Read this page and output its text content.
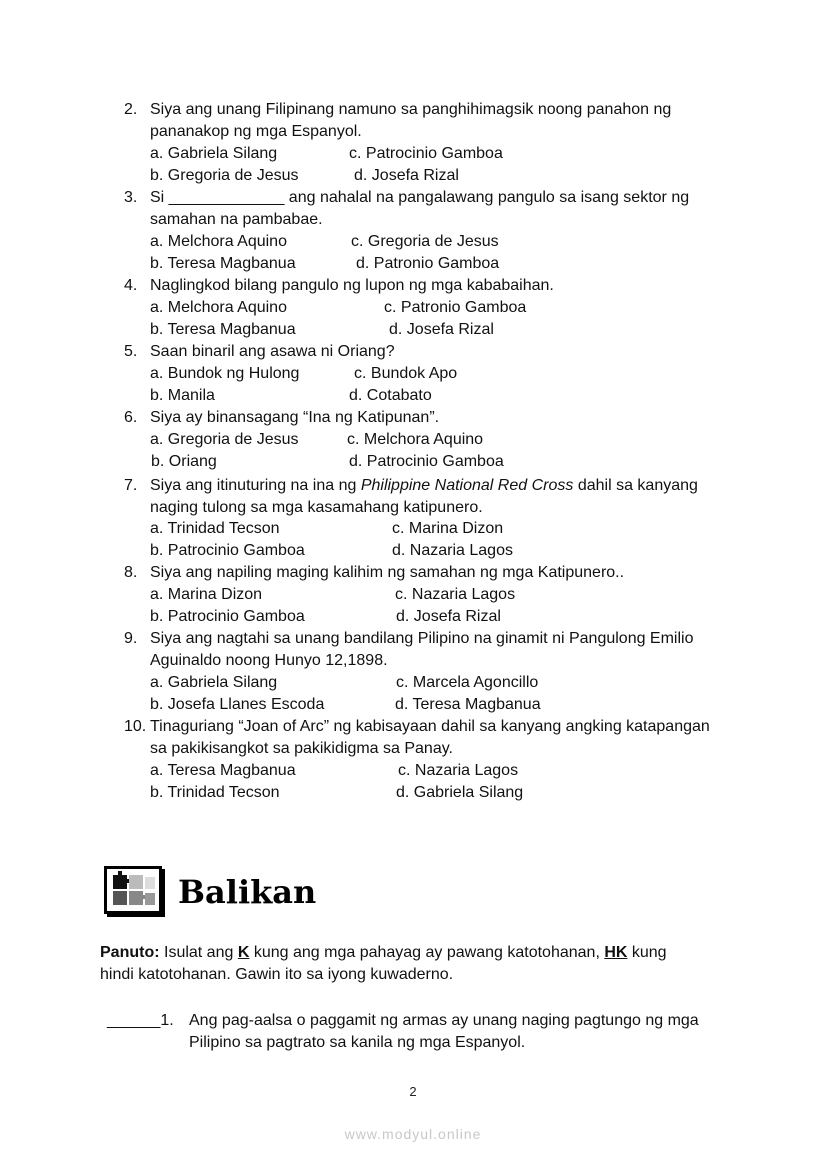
2. Siya ang unang Filipinang namuno sa panghihimagsik noong panahon ng
pananakop ng mga Espanyol.
a. Gabriela Silang	c. Patrocinio Gamboa
b. Gregoria de Jesus	d. Josefa Rizal
3. Si _____________ ang nahalal na pangalawang pangulo sa isang sektor ng
samahan na pambabae.
a. Melchora Aquino	c. Gregoria de Jesus
b. Teresa Magbanua	d. Patronio Gamboa
4. Naglingkod bilang pangulo ng lupon ng mga kababaihan.
a. Melchora Aquino	c. Patronio Gamboa
b. Teresa Magbanua	d. Josefa Rizal
5. Saan binaril ang asawa ni Oriang?
a. Bundok ng Hulong	c. Bundok Apo
b. Manila	d. Cotabato
6. Siya ay binansagang “Ina ng Katipunan”.
a. Gregoria de Jesus	c. Melchora Aquino
b. Oriang	d. Patrocinio Gamboa
7. Siya ang itinuturing na ina ng Philippine National Red Cross dahil sa kanyang
naging tulong sa mga kasamahang katipunero.
a. Trinidad Tecson	c. Marina Dizon
b. Patrocinio Gamboa	d. Nazaria Lagos
8. Siya ang napiling maging kalihim ng samahan ng mga Katipunero..
a. Marina Dizon	c. Nazaria Lagos
b. Patrocinio Gamboa	d. Josefa Rizal
9. Siya ang nagtahi sa unang bandilang Pilipino na ginamit ni Pangulong Emilio
Aguinaldo noong Hunyo 12,1898.
a. Gabriela Silang	c. Marcela Agoncillo
b. Josefa Llanes Escoda	d. Teresa Magbanua
10. Tinaguriang “Joan of Arc” ng kabisayaan dahil sa kanyang angking katapangan
sa pakikisangkot sa pakikidigma sa Panay.
a. Teresa Magbanua	c. Nazaria Lagos
b. Trinidad Tecson	d. Gabriela Silang
Balikan
Panuto: Isulat ang K kung ang mga pahayag ay pawang katotohanan, HK kung
hindi katotohanan. Gawin ito sa iyong kuwaderno.
______1. Ang pag-aalsa o paggamit ng armas ay unang naging pagtungo ng mga
Pilipino sa pagtrato sa kanila ng mga Espanyol.
2
www.modyul.online
